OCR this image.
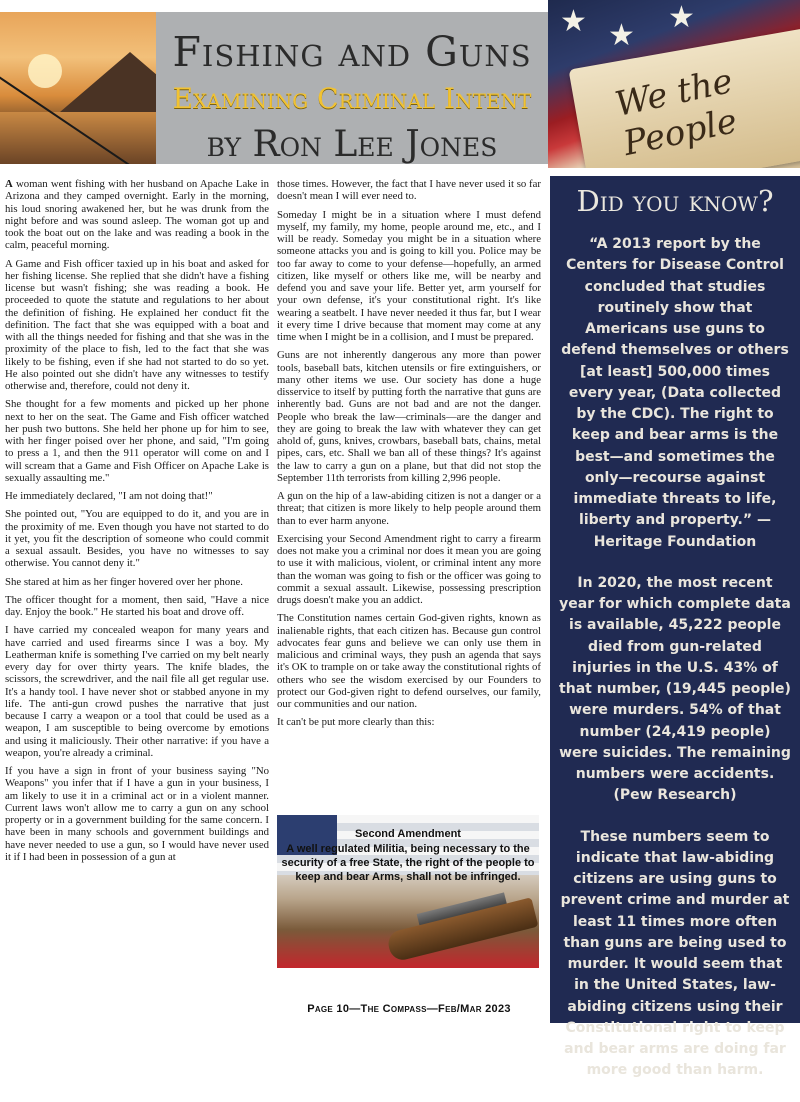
Fishing and Guns
Examining Criminal Intent
by Ron Lee Jones
★ ★
★
We the People

A woman went fishing with her husband on Apache Lake in Arizona and they camped overnight. Early in the morning, his loud snoring awakened her, but he was drunk from the night before and was sound asleep. The woman got up and took the boat out on the lake and was reading a book in the calm, peaceful morning.

A Game and Fish officer taxied up in his boat and asked for her fishing license. She replied that she didn't have a fishing license but wasn't fishing; she was reading a book. He proceeded to quote the statute and regulations to her about the definition of fishing. He explained her conduct fit the definition. The fact that she was equipped with a boat and with all the things needed for fishing and that she was in the proximity of the place to fish, led to the fact that she was likely to be fishing, even if she had not started to do so yet. He also pointed out she didn't have any witnesses to testify otherwise and, therefore, could not deny it.

She thought for a few moments and picked up her phone next to her on the seat. The Game and Fish officer watched her push two buttons. She held her phone up for him to see, with her finger poised over her phone, and said, "I'm going to press a 1, and then the 911 operator will come on and I will scream that a Game and Fish Officer on Apache Lake is sexually assaulting me."

He immediately declared, "I am not doing that!"

She pointed out, "You are equipped to do it, and you are in the proximity of me. Even though you have not started to do it yet, you fit the description of someone who could commit a sexual assault. Besides, you have no witnesses to say otherwise. You cannot deny it."

She stared at him as her finger hovered over her phone.

The officer thought for a moment, then said, "Have a nice day. Enjoy the book." He started his boat and drove off.

I have carried my concealed weapon for many years and have carried and used firearms since I was a boy. My Leatherman knife is something I've carried on my belt nearly every day for over thirty years. The knife blades, the scissors, the screwdriver, and the nail file all get regular use. It's a handy tool. I have never shot or stabbed anyone in my life. The anti-gun crowd pushes the narrative that just because I carry a weapon or a tool that could be used as a weapon, I am susceptible to being overcome by emotions and using it maliciously. Their other narrative: if you have a weapon, you're already a criminal.

If you have a sign in front of your business saying "No Weapons" you infer that if I have a gun in your business, I am likely to use it in a criminal act or in a violent manner. Current laws won't allow me to carry a gun on any school property or in a government building for the same concern. I have been in many schools and government buildings and have never needed to use a gun, so I would have never used it if I had been in possession of a gun at

those times. However, the fact that I have never used it so far doesn't mean I will ever need to.

Someday I might be in a situation where I must defend myself, my family, my home, people around me, etc., and I will be ready. Someday you might be in a situation where someone attacks you and is going to kill you. Police may be too far away to come to your defense—hopefully, an armed citizen, like myself or others like me, will be nearby and defend you and save your life. Better yet, arm yourself for your own defense, it's your constitutional right. It's like wearing a seatbelt. I have never needed it thus far, but I wear it every time I drive because that moment may come at any time when I might be in a collision, and I must be prepared.

Guns are not inherently dangerous any more than power tools, baseball bats, kitchen utensils or fire extinguishers, or many other items we use. Our society has done a huge disservice to itself by putting forth the narrative that guns are inherently bad. Guns are not bad and are not the danger. People who break the law—criminals—are the danger and they are going to break the law with whatever they can get ahold of, guns, knives, crowbars, baseball bats, chains, metal pipes, cars, etc. Shall we ban all of these things? It's against the law to carry a gun on a plane, but that did not stop the September 11th terrorists from killing 2,996 people.

A gun on the hip of a law-abiding citizen is not a danger or a threat; that citizen is more likely to help people around them than to ever harm anyone.

Exercising your Second Amendment right to carry a firearm does not make you a criminal nor does it mean you are going to use it with malicious, violent, or criminal intent any more than the woman was going to fish or the officer was going to commit a sexual assault. Likewise, possessing prescription drugs doesn't make you an addict.

The Constitution names certain God-given rights, known as inalienable rights, that each citizen has. Because gun control advocates fear guns and believe we can only use them in malicious and criminal ways, they push an agenda that says it's OK to trample on or take away the constitutional rights of others who see the wisdom exercised by our Founders to protect our God-given right to defend ourselves, our family, our communities and our nation.

It can't be put more clearly than this:

Second Amendment
A well regulated Militia, being necessary to the security of a free State, the right of the people to keep and bear Arms, shall not be infringed.
Page 10—The Compass—Feb/Mar 2023
Did you know?

“A 2013 report by the Centers for Disease Control concluded that studies routinely show that Americans use guns to defend themselves or others [at least] 500,000 times every year, (Data collected by the CDC). The right to keep and bear arms is the best—and sometimes the only—recourse against immediate threats to life, liberty and property.” —Heritage Foundation

In 2020, the most recent year for which complete data is available, 45,222 people died from gun-related injuries in the U.S. 43% of that number, (19,445 people) were murders. 54% of that number (24,419 people) were suicides. The remaining numbers were accidents. (Pew Research)

These numbers seem to indicate that law-abiding citizens are using guns to prevent crime and murder at least 11 times more often than guns are being used to murder. It would seem that in the United States, law-abiding citizens using their Constitutional right to keep and bear arms are doing far more good than harm.
